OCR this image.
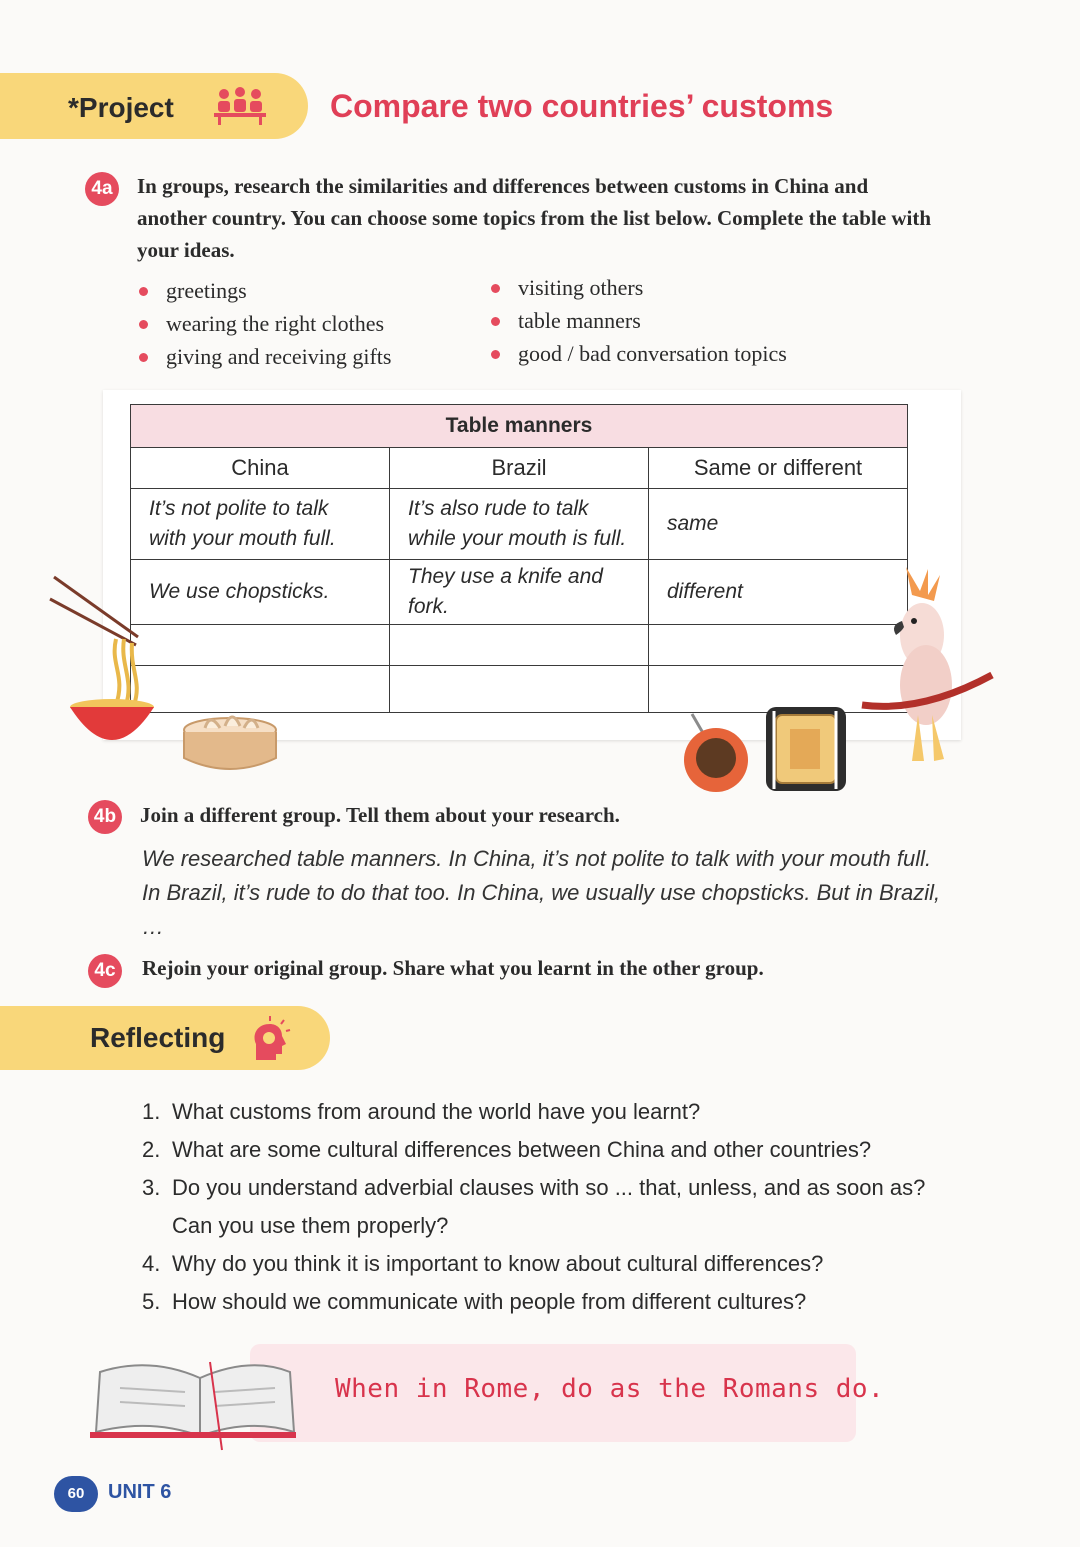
*Project	Compare two countries’ customs
4a	In groups, research the similarities and differences between customs in China and another country. You can choose some topics from the list below. Complete the table with your ideas.
greetings
wearing the right clothes
giving and receiving gifts
visiting others
table manners
good / bad conversation topics
Table manners		
China	Brazil	Same or different
It’s not polite to talk with your mouth full.	It’s also rude to talk while your mouth is full.	same
We use chopsticks.	They use a knife and fork.	different

4b Join a different group. Tell them about your research.
We researched table manners. In China, it’s not polite to talk with your mouth full. In Brazil, it’s rude to do that too. In China, we usually use chopsticks. But in Brazil, …
4c	Rejoin your original group. Share what you learnt in the other group.
Reflecting
1. What customs from around the world have you learnt?
2. What are some cultural differences between China and other countries?
3. Do you understand adverbial clauses with so ... that, unless, and as soon as? Can you use them properly?
4. Why do you think it is important to know about cultural differences?
5. How should we communicate with people from different cultures?
When in Rome, do as the Romans do.
60	UNIT 6
